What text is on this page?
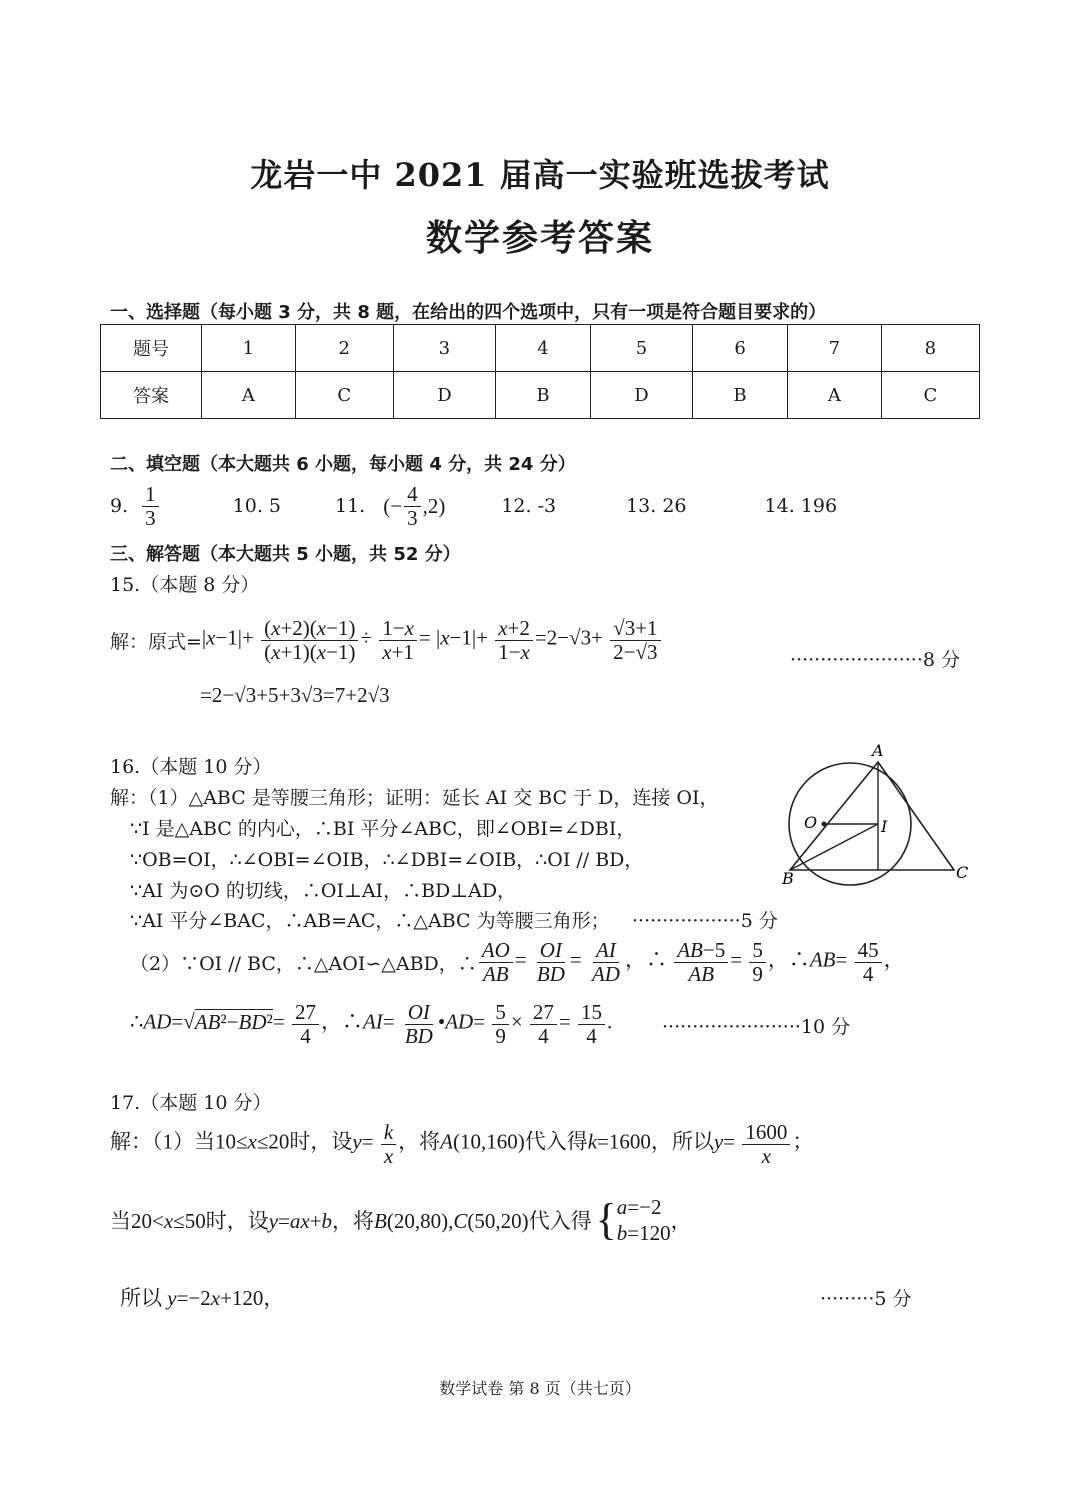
龙岩一中 2021 届高一实验班选拔考试
数学参考答案
一、选择题（每小题 3 分，共 8 题，在给出的四个选项中，只有一项是符合题目要求的）
题号	1	2	3	4	5	6	7	8
答案	A	C	D	B	D	B	A	C
二、填空题（本大题共 6 小题，每小题 4 分，共 24 分）
9. $\frac{1}{3}$	10. 5	11. (− $\frac{4}{3} ,2$)	12. -3	13. 26	14. 196
三、解答题（本大题共 5 小题，共 52 分）
15.（本题 8 分）
解：原式= $|x-1|+ \frac{(x+2)(x-1)}{(x+1)(x-1)} \div \frac{1-x}{x+1} = |x-1|+ \frac{x+2}{1-x} =2-√3+ \frac{√3+1}{2-√3}$	······················8 分
=2−√3+5+3√3=7+2√3
16.（本题 10 分）
解：（1）△ABC 是等腰三角形；证明：延长 AI 交 BC 于 D，连接 OI，
∵I 是△ABC 的内心，∴BI 平分∠ABC，即∠OBI=∠DBI，
∵OB=OI，∴∠OBI=∠OIB，∴∠DBI=∠OIB，∴OI // BD，
∵AI 为⊙O 的切线，∴OI⊥AI，∴BD⊥AD，
∵AI 平分∠BAC，∴AB=AC，∴△ABC 为等腰三角形； ··················5 分
A
O	I
B	C
（2）∵OI // BC，∴△AOI∽△ABD，∴ $\frac{AO}{AB} = \frac{OI}{BD} = \frac{AI}{AD}$ ，∴ $\frac{AB-5}{AB} = \frac{5}{9}$ ，∴AB= $\frac{45}{4}$ ，
∴AD=√AB²−BD²= $\frac{27}{4}$ ，∴AI= $\frac{OI}{BD}$ •AD= $\frac{5}{9} \times \frac{27}{4} = \frac{15}{4}$ .	·······················10 分
17.（本题 10 分）
解：（1）当10≤x≤20时，设$y= \frac{k}{x}$ ，将A(10,160)代入得k=1600，所以$y= \frac{1600}{x}$ ；
当20<x≤50时，设y=ax+b，将B(20,80),C(50,20)代入得 { a=−2
b=120 ，
所以 y=−2x+120，	·········5 分
数学试卷 第 8 页（共七页）
